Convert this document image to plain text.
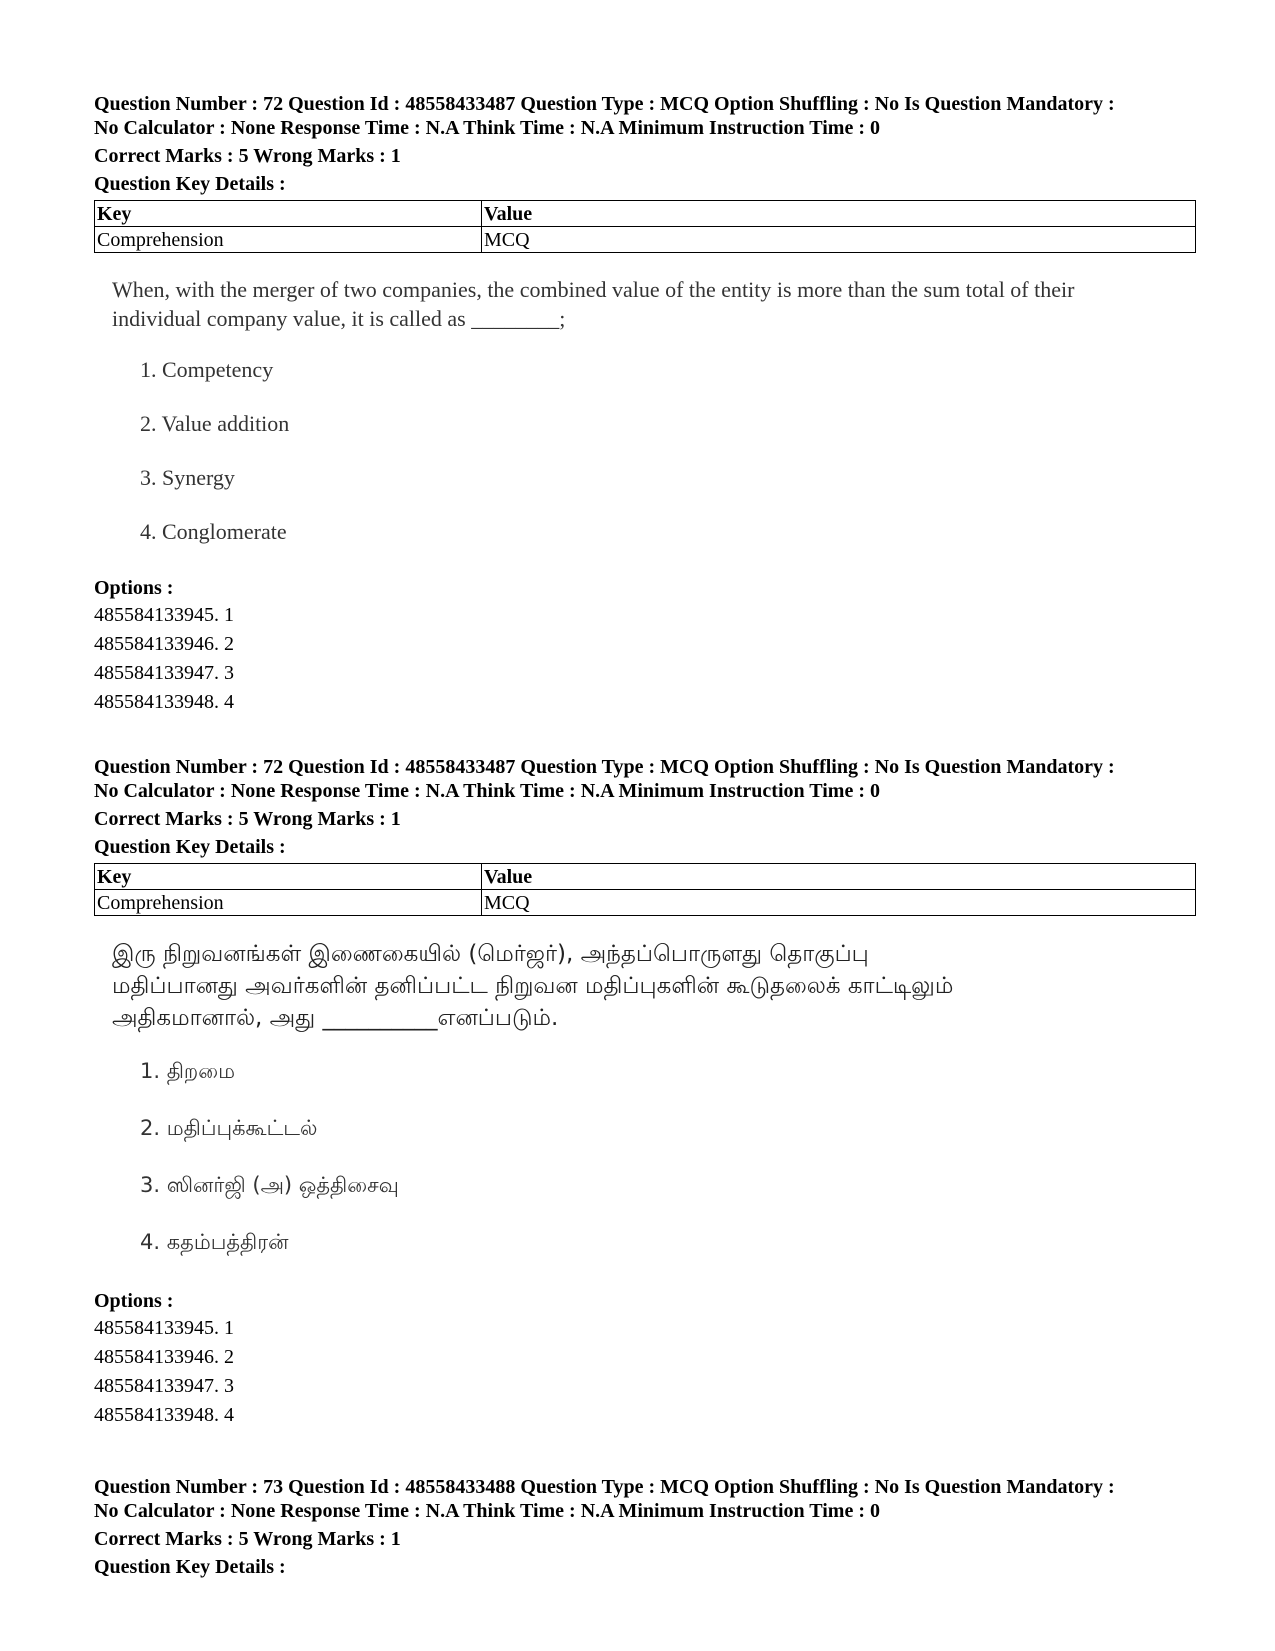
Question Number : 72 Question Id : 48558433487 Question Type : MCQ Option Shuffling : No Is Question Mandatory :

No Calculator : None Response Time : N.A Think Time : N.A Minimum Instruction Time : 0

Correct Marks : 5 Wrong Marks : 1
Question Key Details :
Key	Value
Comprehension	MCQ
When, with the merger of two companies, the combined value of the entity is more than the sum total of their
individual company value, it is called as ________;
1. Competency
2. Value addition
3. Synergy
4. Conglomerate
Options :
485584133945. 1
485584133946. 2
485584133947. 3
485584133948. 4

Question Number : 72 Question Id : 48558433487 Question Type : MCQ Option Shuffling : No Is Question Mandatory :

No Calculator : None Response Time : N.A Think Time : N.A Minimum Instruction Time : 0

Correct Marks : 5 Wrong Marks : 1
Question Key Details :
Key	Value
Comprehension	MCQ
இரு நிறுவனங்கள் இணைகையில் (மெர்ஜர்), அந்தப்பொருளது தொகுப்பு
மதிப்பானது அவர்களின் தனிப்பட்ட நிறுவன மதிப்புகளின் கூடுதலைக் காட்டிலும்
அதிகமானால், அது __________எனப்படும்.
1. திறமை
2. மதிப்புக்கூட்டல்
3. ஸினர்ஜி (அ) ஒத்திசைவு
4. கதம்பத்திரன்
Options :
485584133945. 1
485584133946. 2
485584133947. 3
485584133948. 4

Question Number : 73 Question Id : 48558433488 Question Type : MCQ Option Shuffling : No Is Question Mandatory :

No Calculator : None Response Time : N.A Think Time : N.A Minimum Instruction Time : 0

Correct Marks : 5 Wrong Marks : 1
Question Key Details :
